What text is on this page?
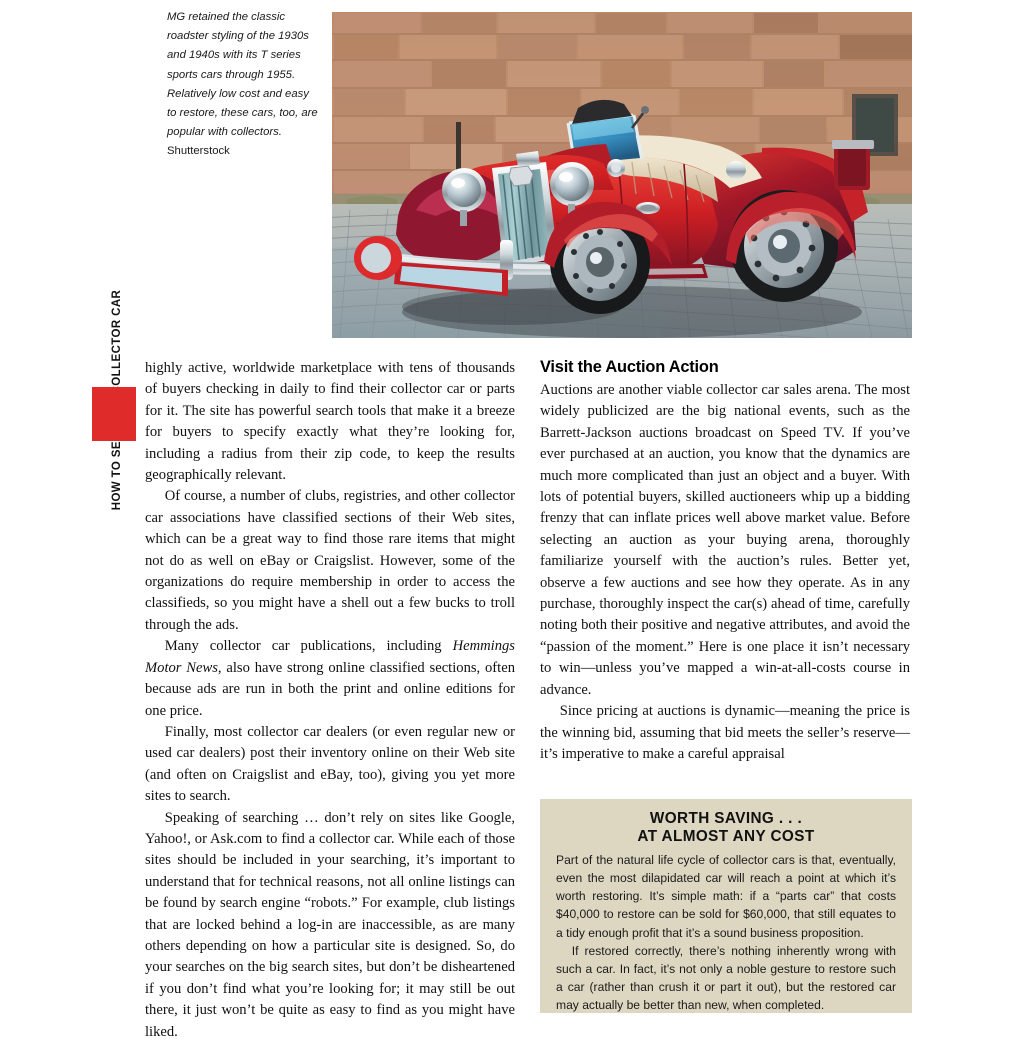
MG retained the classic roadster styling of the 1930s and 1940s with its T series sports cars through 1955. Relatively low cost and easy to restore, these cars, too, are popular with collectors.
Shutterstock

highly active, worldwide marketplace with tens of thousands of buyers checking in daily to find their collector car or parts for it. The site has powerful search tools that make it a breeze for buyers to specify exactly what they’re looking for, including a radius from their zip code, to keep the results geographically relevant.

Of course, a number of clubs, registries, and other collector car associations have classified sections of their Web sites, which can be a great way to find those rare items that might not do as well on eBay or Craigslist. However, some of the organizations do require membership in order to access the classifieds, so you might have a shell out a few bucks to troll through the ads.

Many collector car publications, including Hemmings Motor News, also have strong online classified sections, often because ads are run in both the print and online editions for one price.

Finally, most collector car dealers (or even regular new or used car dealers) post their inventory online on their Web site (and often on Craigslist and eBay, too), giving you yet more sites to search.

Speaking of searching … don’t rely on sites like Google, Yahoo!, or Ask.com to find a collector car. While each of those sites should be included in your searching, it’s important to understand that for technical reasons, not all online listings can be found by search engine “robots.” For example, club listings that are locked behind a log-in are inaccessible, as are many others depending on how a particular site is designed. So, do your searches on the big search sites, but don’t be disheartened if you don’t find what you’re looking for; it may still be out there, it just won’t be quite as easy to find as you might have liked.

Visit the Auction Action

Auctions are another viable collector car sales arena. The most widely publicized are the big national events, such as the Barrett-Jackson auctions broadcast on Speed TV. If you’ve ever purchased at an auction, you know that the dynamics are much more complicated than just an object and a buyer. With lots of potential buyers, skilled auctioneers whip up a bidding frenzy that can inflate prices well above market value. Before selecting an auction as your buying arena, thoroughly familiarize yourself with the auction’s rules. Better yet, observe a few auctions and see how they operate. As in any purchase, thoroughly inspect the car(s) ahead of time, carefully noting both their positive and negative attributes, and avoid the “passion of the moment.” Here is one place it isn’t necessary to win—unless you’ve mapped a win-at-all-costs course in advance.

Since pricing at auctions is dynamic—meaning the price is the winning bid, assuming that bid meets the seller’s reserve—it’s imperative to make a careful appraisal

WORTH SAVING . . .
AT ALMOST ANY COST

Part of the natural life cycle of collector cars is that, eventually, even the most dilapidated car will reach a point at which it’s worth restoring. It’s simple math: if a “parts car” that costs $40,000 to restore can be sold for $60,000, that still equates to a tidy enough profit that it’s a sound business proposition.

If restored correctly, there’s nothing inherently wrong with such a car. In fact, it’s not only a noble gesture to restore such a car (rather than crush it or part it out), but the restored car may actually be better than new, when completed.
